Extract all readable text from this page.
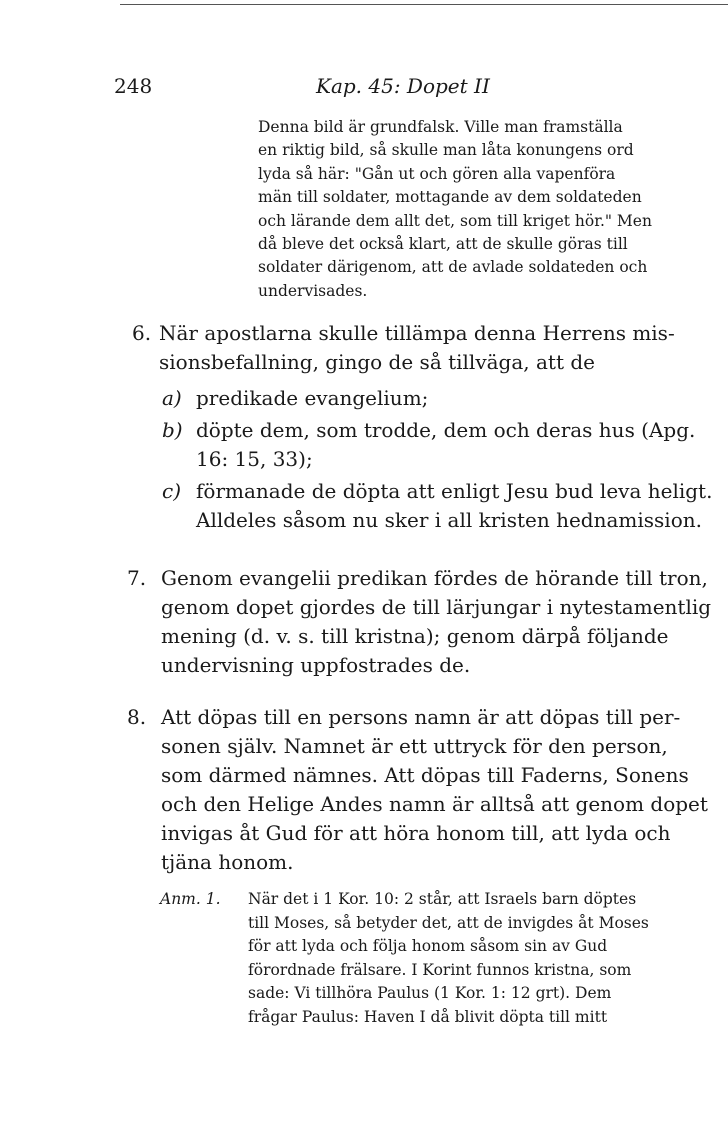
248	Kap. 45: Dopet II
Denna bild är grundfalsk. Ville man framställa
en riktig bild, så skulle man låta konungens ord
lyda så här: "Gån ut och gören alla vapenföra
män till soldater, mottagande av dem soldateden
och lärande dem allt det, som till kriget hör." Men
då bleve det också klart, att de skulle göras till
soldater därigenom, att de avlade soldateden och
undervisades.
6. När apostlarna skulle tillämpa denna Herrens mis-
sionsbefallning, gingo de så tillväga, att de
a) predikade evangelium;
b) döpte dem, som trodde, dem och deras hus (Apg.
16: 15, 33);
c) förmanade de döpta att enligt Jesu bud leva heligt.
Alldeles såsom nu sker i all kristen hednamission.
7. Genom evangelii predikan fördes de hörande till tron,
genom dopet gjordes de till lärjungar i nytestamentlig
mening (d. v. s. till kristna); genom därpå följande
undervisning uppfostrades de.
8. Att döpas till en persons namn är att döpas till per-
sonen själv. Namnet är ett uttryck för den person,
som därmed nämnes. Att döpas till Faderns, Sonens
och den Helige Andes namn är alltså att genom dopet
invigas åt Gud för att höra honom till, att lyda och
tjäna honom.
Anm. 1. När det i 1 Kor. 10: 2 står, att Israels barn döptes
till Moses, så betyder det, att de invigdes åt Moses
för att lyda och följa honom såsom sin av Gud
förordnade frälsare. I Korint funnos kristna, som
sade: Vi tillhöra Paulus (1 Kor. 1: 12 grt). Dem
frågar Paulus: Haven I då blivit döpta till mitt
